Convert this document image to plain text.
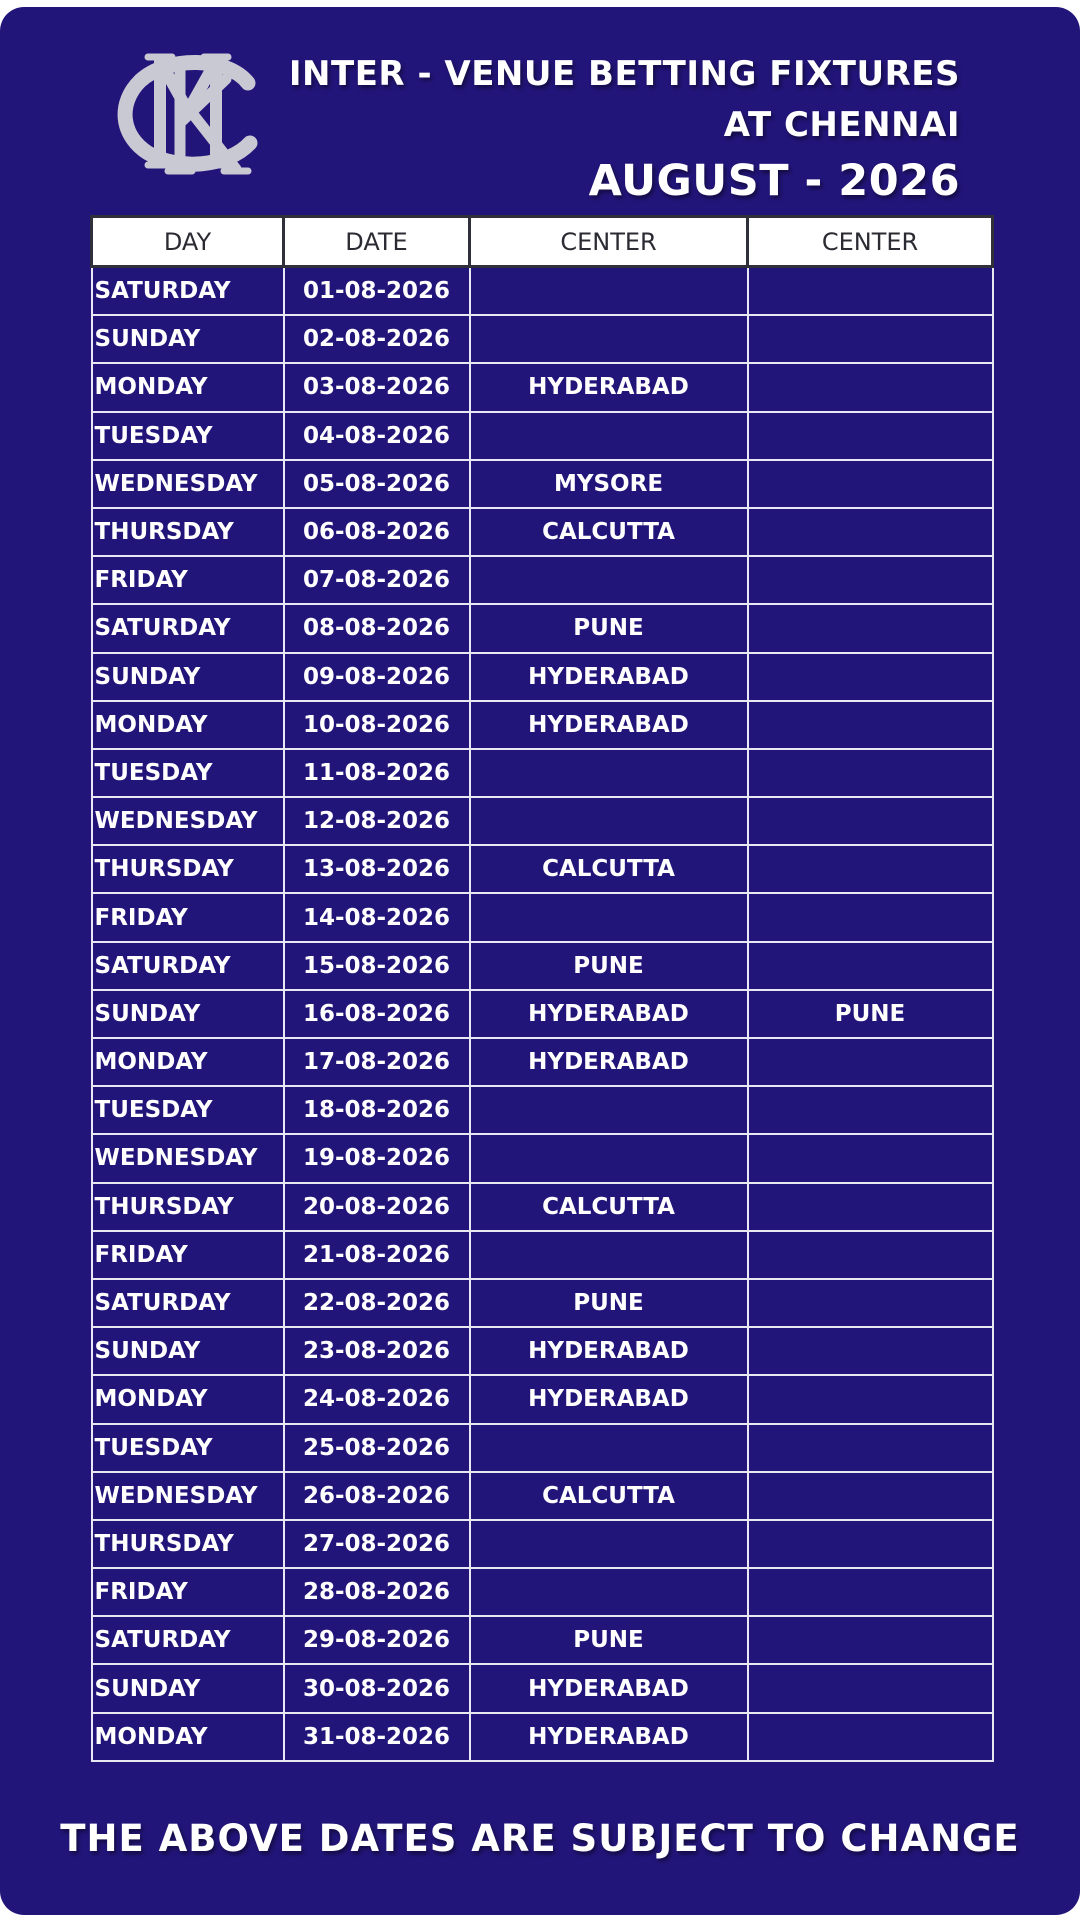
INTER - VENUE BETTING FIXTURES
AT CHENNAI
AUGUST - 2026
DAY	DATE	CENTER	CENTER
SATURDAY	01-08-2026		
SUNDAY	02-08-2026		
MONDAY	03-08-2026	HYDERABAD	
TUESDAY	04-08-2026		
WEDNESDAY	05-08-2026	MYSORE	
THURSDAY	06-08-2026	CALCUTTA	
FRIDAY	07-08-2026		
SATURDAY	08-08-2026	PUNE	
SUNDAY	09-08-2026	HYDERABAD	
MONDAY	10-08-2026	HYDERABAD	
TUESDAY	11-08-2026		
WEDNESDAY	12-08-2026		
THURSDAY	13-08-2026	CALCUTTA	
FRIDAY	14-08-2026		
SATURDAY	15-08-2026	PUNE	
SUNDAY	16-08-2026	HYDERABAD	PUNE
MONDAY	17-08-2026	HYDERABAD	
TUESDAY	18-08-2026		
WEDNESDAY	19-08-2026		
THURSDAY	20-08-2026	CALCUTTA	
FRIDAY	21-08-2026		
SATURDAY	22-08-2026	PUNE	
SUNDAY	23-08-2026	HYDERABAD	
MONDAY	24-08-2026	HYDERABAD	
TUESDAY	25-08-2026		
WEDNESDAY	26-08-2026	CALCUTTA	
THURSDAY	27-08-2026		
FRIDAY	28-08-2026		
SATURDAY	29-08-2026	PUNE	
SUNDAY	30-08-2026	HYDERABAD	
MONDAY	31-08-2026	HYDERABAD	
THE ABOVE DATES ARE SUBJECT TO CHANGE
